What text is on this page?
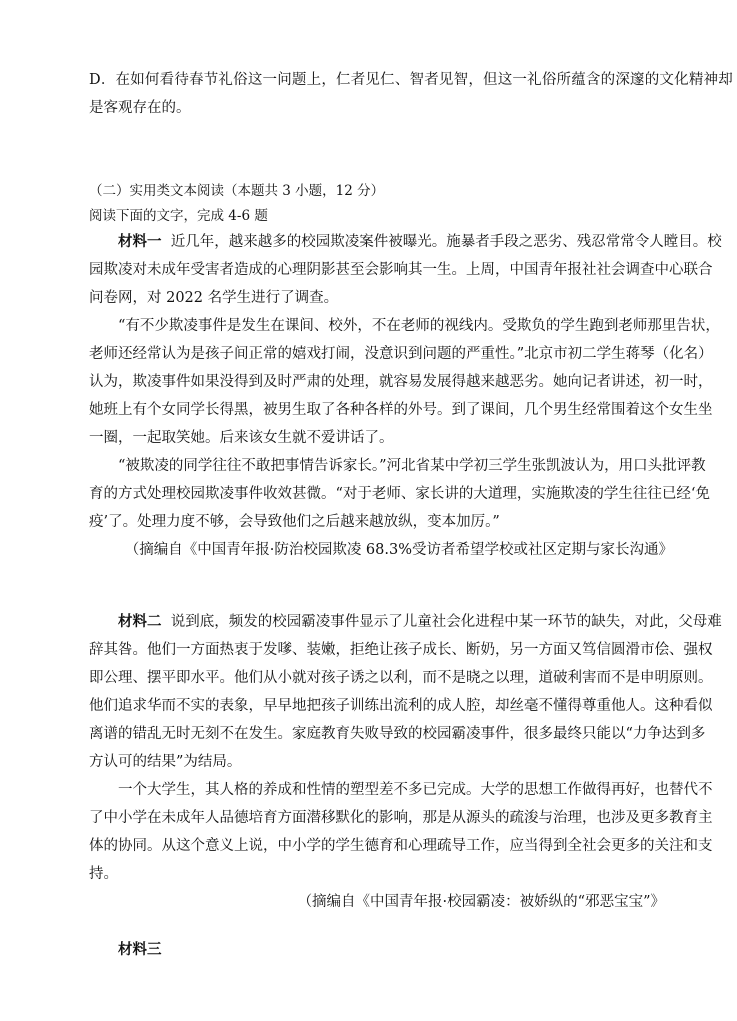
D．在如何看待春节礼俗这一问题上，仁者见仁、智者见智，但这一礼俗所蕴含的深邃的文化精神却
是客观存在的。
（二）实用类文本阅读（本题共 3 小题，12 分）
阅读下面的文字，完成 4-6 题
材料一 近几年，越来越多的校园欺凌案件被曝光。施暴者手段之恶劣、残忍常常令人瞠目。校
园欺凌对未成年受害者造成的心理阴影甚至会影响其一生。上周，中国青年报社社会调查中心联合
问卷网，对 2022 名学生进行了调查。
“有不少欺凌事件是发生在课间、校外，不在老师的视线内。受欺负的学生跑到老师那里告状，
老师还经常认为是孩子间正常的嬉戏打闹，没意识到问题的严重性。”北京市初二学生蒋琴（化名）
认为，欺凌事件如果没得到及时严肃的处理，就容易发展得越来越恶劣。她向记者讲述，初一时，
她班上有个女同学长得黑，被男生取了各种各样的外号。到了课间，几个男生经常围着这个女生坐
一圈，一起取笑她。后来该女生就不爱讲话了。
“被欺凌的同学往往不敢把事情告诉家长。”河北省某中学初三学生张凯波认为，用口头批评教
育的方式处理校园欺凌事件收效甚微。“对于老师、家长讲的大道理，实施欺凌的学生往往已经‘免
疫’了。处理力度不够，会导致他们之后越来越放纵，变本加厉。”
（摘编自《中国青年报·防治校园欺凌 68.3%受访者希望学校或社区定期与家长沟通》
材料二 说到底，频发的校园霸凌事件显示了儿童社会化进程中某一环节的缺失，对此，父母难
辞其咎。他们一方面热衷于发嗲、装嫩，拒绝让孩子成长、断奶，另一方面又笃信圆滑市侩、强权
即公理、摆平即水平。他们从小就对孩子诱之以利，而不是晓之以理，道破利害而不是申明原则。
他们追求华而不实的表象，早早地把孩子训练出流利的成人腔，却丝毫不懂得尊重他人。这种看似
离谱的错乱无时无刻不在发生。家庭教育失败导致的校园霸凌事件，很多最终只能以“力争达到多
方认可的结果”为结局。
一个大学生，其人格的养成和性情的塑型差不多已完成。大学的思想工作做得再好，也替代不
了中小学在未成年人品德培育方面潜移默化的影响，那是从源头的疏浚与治理，也涉及更多教育主
体的协同。从这个意义上说，中小学的学生德育和心理疏导工作，应当得到全社会更多的关注和支
持。
（摘编自《中国青年报·校园霸凌：被娇纵的“邪恶宝宝”》
材料三
